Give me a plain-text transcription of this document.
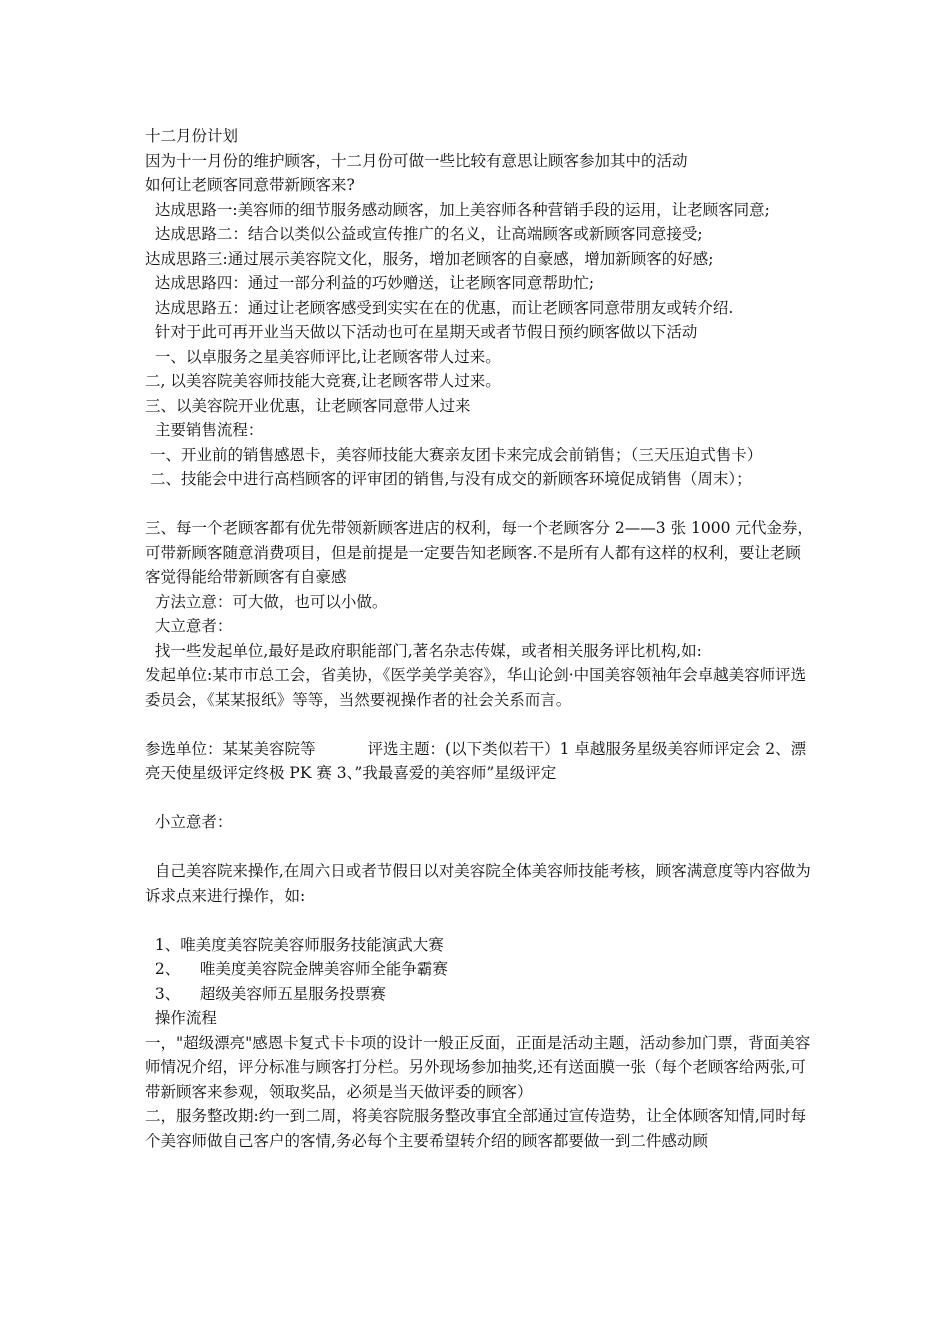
十二月份计划
因为十一月份的维护顾客，十二月份可做一些比较有意思让顾客参加其中的活动
如何让老顾客同意带新顾客来?
达成思路一:美容师的细节服务感动顾客，加上美容师各种营销手段的运用，让老顾客同意;
达成思路二：结合以类似公益或宣传推广的名义，让高端顾客或新顾客同意接受;
达成思路三:通过展示美容院文化，服务，增加老顾客的自豪感，增加新顾客的好感;
达成思路四：通过一部分利益的巧妙赠送，让老顾客同意帮助忙;
达成思路五：通过让老顾客感受到实实在在的优惠，而让老顾客同意带朋友或转介绍.
针对于此可再开业当天做以下活动也可在星期天或者节假日预约顾客做以下活动
一、以卓服务之星美容师评比,让老顾客带人过来。
二, 以美容院美容师技能大竞赛,让老顾客带人过来。
三、以美容院开业优惠，让老顾客同意带人过来
主要销售流程：
一、开业前的销售感恩卡，美容师技能大赛亲友团卡来完成会前销售；（三天压迫式售卡）
二、技能会中进行高档顾客的评审团的销售,与没有成交的新顾客环境促成销售（周末）；
三、每一个老顾客都有优先带领新顾客进店的权利，每一个老顾客分 2——3 张 1000 元代金券，可带新顾客随意消费项目，但是前提是一定要告知老顾客.不是所有人都有这样的权利，要让老顾客觉得能给带新顾客有自豪感
方法立意：可大做，也可以小做。
大立意者：
找一些发起单位,最好是政府职能部门,著名杂志传媒，或者相关服务评比机构,如:
发起单位:某市市总工会，省美协，《医学美学美容》，华山论剑·中国美容领袖年会卓越美容师评选委员会，《某某报纸》等等，当然要视操作者的社会关系而言。
参选单位：某某美容院等	评选主题：(以下类似若干）1 卓越服务星级美容师评定会 2、漂亮天使星级评定终极 PK 赛 3、”我最喜爱的美容师”星级评定
小立意者：
自己美容院来操作,在周六日或者节假日以对美容院全体美容师技能考核，顾客满意度等内容做为诉求点来进行操作，如:
1、唯美度美容院美容师服务技能演武大赛
2、    唯美度美容院金牌美容师全能争霸赛
3、    超级美容师五星服务投票赛
操作流程
一，"超级漂亮"感恩卡复式卡卡项的设计一般正反面，正面是活动主题，活动参加门票，背面美容师情况介绍，评分标准与顾客打分栏。另外现场参加抽奖,还有送面膜一张（每个老顾客给两张,可带新顾客来参观，领取奖品，必须是当天做评委的顾客）
二，服务整改期:约一到二周，将美容院服务整改事宜全部通过宣传造势，让全体顾客知情,同时每个美容师做自己客户的客情,务必每个主要希望转介绍的顾客都要做一到二件感动顾
